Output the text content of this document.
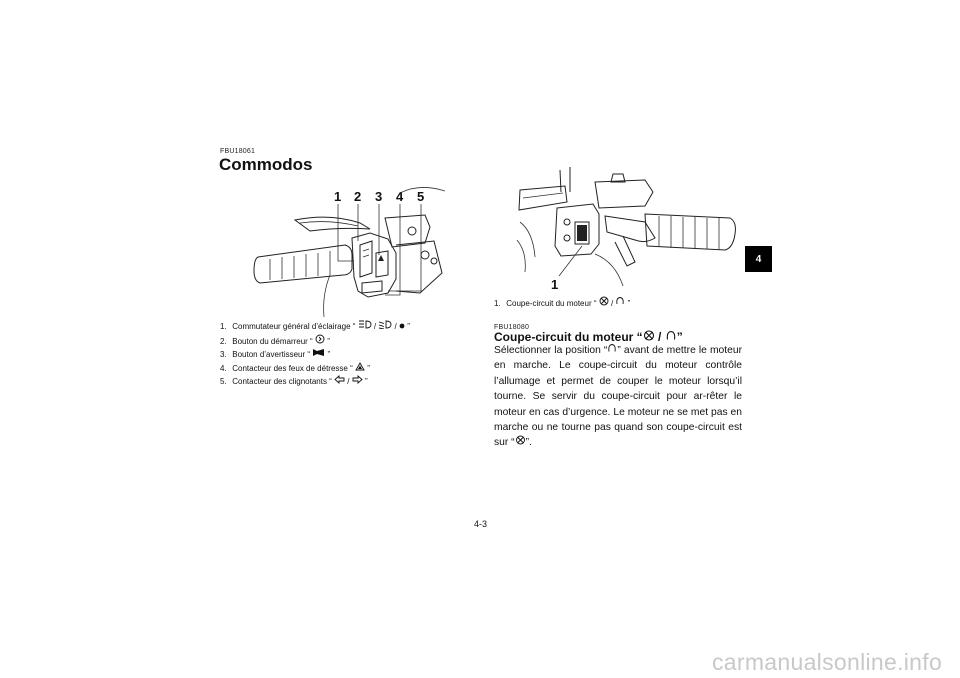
FBU18061
Commodos
1 2 3 4 5
1. Commutateur général d’éclairage “  /  /  ”
2. Bouton du démarreur “ ”
3. Bouton d’avertisseur “ ”
4. Contacteur des feux de détresse “ ”
5. Contacteur des clignotants “  /  ”
1
1. Coupe-circuit du moteur “  /  ”
FBU18080
Coupe-circuit du moteur “ / ”
Sélectionner la position “ ” avant de mettre le moteur en marche. Le coupe-circuit du moteur contrôle l’allumage et permet de couper le moteur lorsqu’il tourne. Se servir du coupe-circuit pour ar-rêter le moteur en cas d’urgence. Le moteur ne se met pas en marche ou ne tourne pas quand son coupe-circuit est sur “ ”.
4
4-3
carmanualsonline.info
